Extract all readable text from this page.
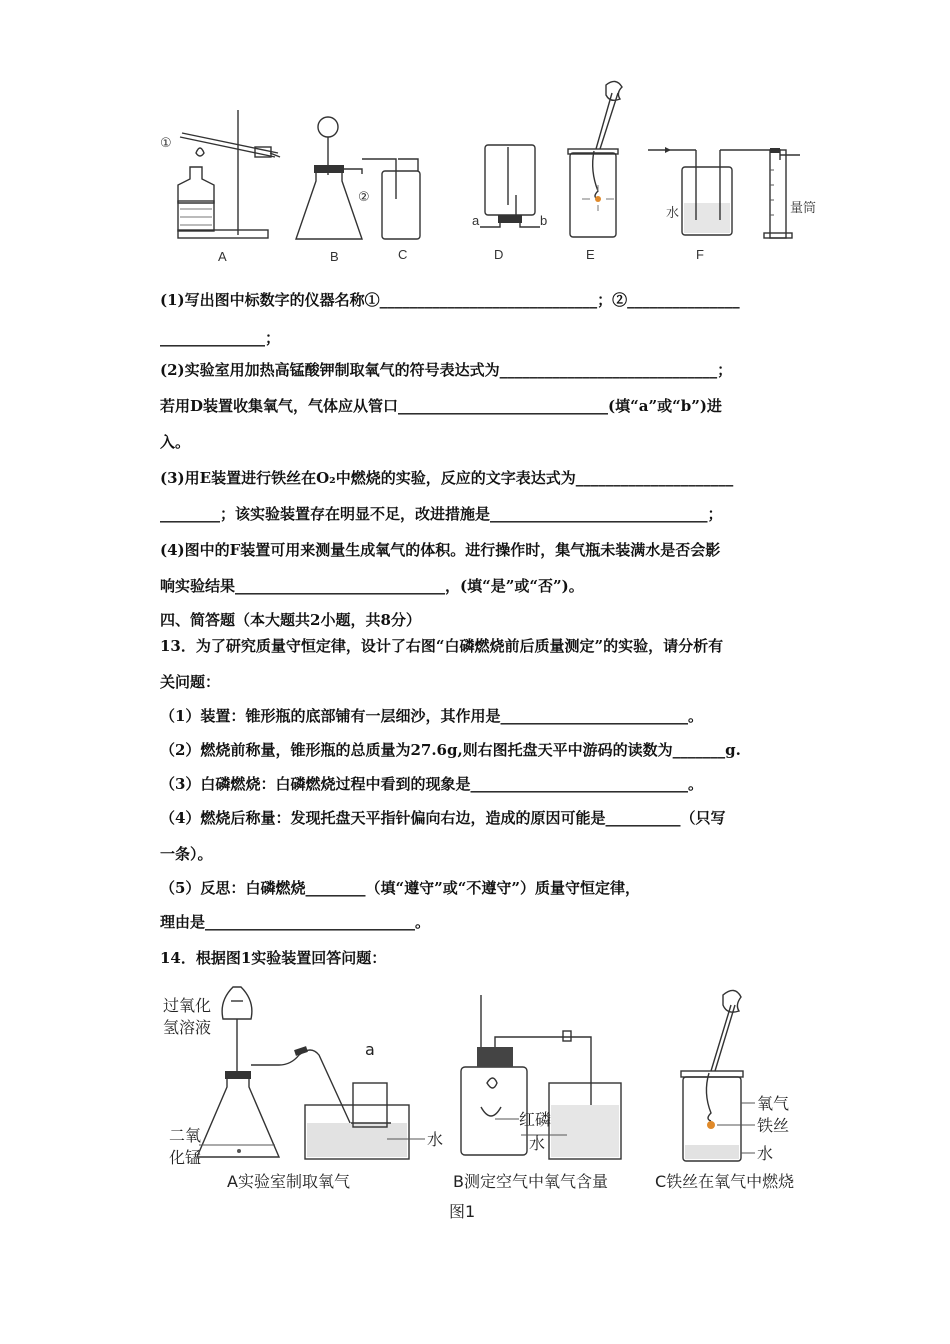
①
A	B
②
C
a	b
D	E
水	量筒
F
(1)写出图中标数字的仪器名称①_____________________________；②_______________
______________；
(2)实验室用加热高锰酸钾制取氧气的符号表达式为_____________________________；
若用D装置收集氧气，气体应从管口____________________________(填“a”或“b”)进
入。
(3)用E装置进行铁丝在O₂中燃烧的实验，反应的文字表达式为_____________________
________；该实验装置存在明显不足，改进措施是_____________________________；
(4)图中的F装置可用来测量生成氧气的体积。进行操作时，集气瓶未装满水是否会影
响实验结果____________________________，(填“是”或“否”)。
四、简答题（本大题共2小题，共8分）
13．为了研究质量守恒定律，设计了右图“白磷燃烧前后质量测定”的实验，请分析有
关问题：
（1）装置：锥形瓶的底部铺有一层细沙，其作用是_________________________。
（2）燃烧前称量，锥形瓶的总质量为27.6g,则右图托盘天平中游码的读数为_______g.
（3）白磷燃烧：白磷燃烧过程中看到的现象是_____________________________。
（4）燃烧后称量：发现托盘天平指针偏向右边，造成的原因可能是__________（只写
一条）。
（5）反思：白磷燃烧________（填“遵守”或“不遵守”）质量守恒定律，
理由是____________________________。
14．根据图1实验装置回答问题：
过氧化
氢溶液
二氧
化锰
a
水
A实验室制取氧气
红磷
水
B测定空气中氧气含量
氧气
铁丝
水
C铁丝在氧气中燃烧
图1
